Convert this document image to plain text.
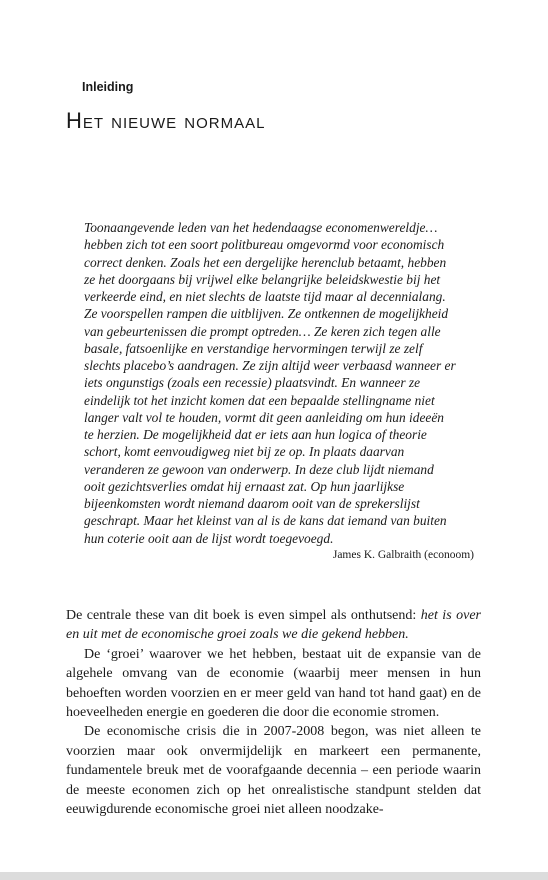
Inleiding
Het nieuwe normaal

Toonaangevende leden van het hedendaagse economenwereldje…

hebben zich tot een soort politbureau omgevormd voor economisch

correct denken. Zoals het een dergelijke herenclub betaamt, hebben

ze het doorgaans bij vrijwel elke belangrijke beleidskwestie bij het

verkeerde eind, en niet slechts de laatste tijd maar al decennialang.

Ze voorspellen rampen die uitblijven. Ze ontkennen de mogelijkheid

van gebeurtenissen die prompt optreden… Ze keren zich tegen alle

basale, fatsoenlijke en verstandige hervormingen terwijl ze zelf

slechts placebo’s aandragen. Ze zijn altijd weer verbaasd wanneer er

iets ongunstigs (zoals een recessie) plaatsvindt. En wanneer ze

eindelijk tot het inzicht komen dat een bepaalde stellingname niet

langer valt vol te houden, vormt dit geen aanleiding om hun ideeën

te herzien. De mogelijkheid dat er iets aan hun logica of theorie

schort, komt eenvoudigweg niet bij ze op. In plaats daarvan

veranderen ze gewoon van onderwerp. In deze club lijdt niemand

ooit gezichtsverlies omdat hij ernaast zat. Op hun jaarlijkse

bijeenkomsten wordt niemand daarom ooit van de sprekerslijst

geschrapt. Maar het kleinst van al is de kans dat iemand van buiten

hun coterie ooit aan de lijst wordt toegevoegd.

James K. Galbraith (econoom)

De centrale these van dit boek is even simpel als onthutsend: het is over en uit met de economische groei zoals we die gekend hebben.

De ‘groei’ waarover we het hebben, bestaat uit de expansie van de algehele omvang van de economie (waarbij meer mensen in hun behoeften worden voorzien en er meer geld van hand tot hand gaat) en de hoeveelheden energie en goederen die door die economie stromen.

De economische crisis die in 2007-2008 begon, was niet alleen te voorzien maar ook onvermijdelijk en markeert een permanente, fundamentele breuk met de voorafgaande decennia – een periode waarin de meeste economen zich op het onrealistische standpunt stelden dat eeuwigdurende economische groei niet alleen noodzake-
